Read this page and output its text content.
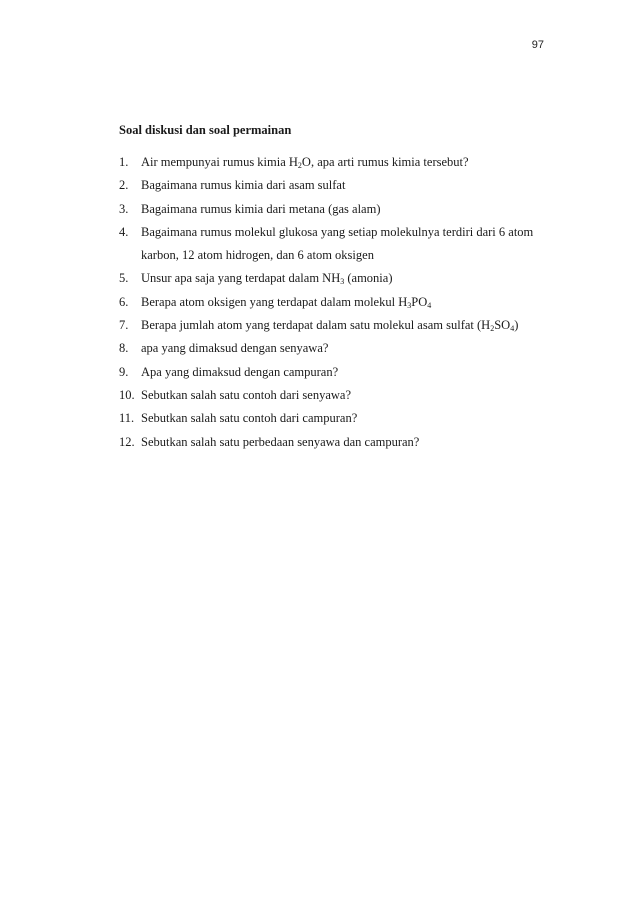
97
Soal diskusi dan soal permainan
1.	Air mempunyai rumus kimia $H_2O$, apa arti rumus kimia tersebut?
2.	Bagaimana rumus kimia dari asam sulfat
3.	Bagaimana rumus kimia dari metana (gas alam)
4.	Bagaimana rumus molekul glukosa yang setiap molekulnya terdiri dari 6 atom karbon, 12 atom hidrogen, dan 6 atom oksigen
5.	Unsur apa saja yang terdapat dalam $NH_3$ (amonia)
6.	Berapa atom oksigen yang terdapat dalam molekul $H_3PO_4$
7.	Berapa jumlah atom yang terdapat dalam satu molekul asam sulfat $(H_2SO_4)$
8.	apa yang dimaksud dengan senyawa?
9.	Apa yang dimaksud dengan campuran?
10. Sebutkan salah satu contoh dari senyawa?
11. Sebutkan salah satu contoh dari campuran?
12. Sebutkan salah satu perbedaan senyawa dan campuran?
